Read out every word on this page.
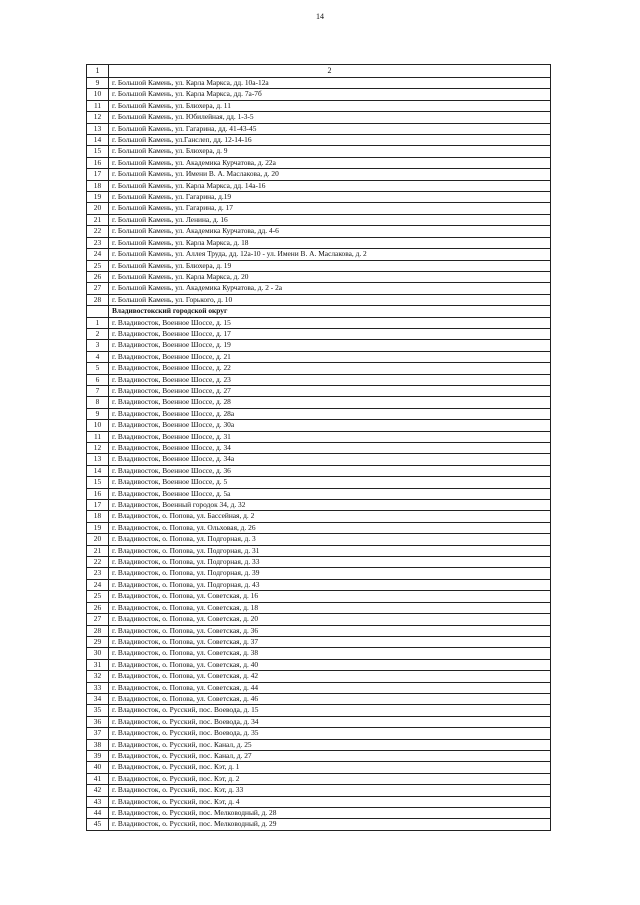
14
1	2
9	г. Большой Камень, ул. Карла Маркса, дд. 10а-12а
10	г. Большой Камень, ул. Карла Маркса, дд. 7а-7б
11	г. Большой Камень, ул. Блюхера, д. 11
12	г. Большой Камень, ул. Юбилейная, дд. 1-3-5
13	г. Большой Камень, ул. Гагарина, дд. 41-43-45
14	г. Большой Камень, ул.Ганслеп, дд. 12-14-16
15	г. Большой Камень, ул. Блюхера, д. 9
16	г. Большой Камень, ул. Академика Курчатова, д. 22а
17	г. Большой Камень, ул. Имени В. А. Маслакова, д. 20
18	г. Большой Камень, ул. Карла Маркса, дд. 14а-16
19	г. Большой Камень, ул. Гагарина, д.19
20	г. Большой Камень, ул. Гагарина, д. 17
21	г. Большой Камень, ул. Ленина, д. 16
22	г. Большой Камень, ул. Академика Курчатова, дд. 4-6
23	г. Большой Камень, ул. Карла Маркса, д. 18
24	г. Большой Камень, ул. Аллея Труда, дд. 12а-10 - ул. Имени В. А. Маслакова, д. 2
25	г. Большой Камень, ул. Блюхера, д. 19
26	г. Большой Камень, ул. Карла Маркса, д. 20
27	г. Большой Камень, ул. Академика Курчатова, д. 2 - 2а
28	г. Большой Камень, ул. Горького, д. 10
	Владивостокский городской округ
1	г. Владивосток, Военное Шоссе, д. 15
2	г. Владивосток, Военное Шоссе, д. 17
3	г. Владивосток, Военное Шоссе, д. 19
4	г. Владивосток, Военное Шоссе, д. 21
5	г. Владивосток, Военное Шоссе, д. 22
6	г. Владивосток, Военное Шоссе, д. 23
7	г. Владивосток, Военное Шоссе, д. 27
8	г. Владивосток, Военное Шоссе, д. 28
9	г. Владивосток, Военное Шоссе, д. 28а
10	г. Владивосток, Военное Шоссе, д. 30а
11	г. Владивосток, Военное Шоссе, д. 31
12	г. Владивосток, Военное Шоссе, д. 34
13	г. Владивосток, Военное Шоссе, д. 34а
14	г. Владивосток, Военное Шоссе, д. 36
15	г. Владивосток, Военное Шоссе, д. 5
16	г. Владивосток, Военное Шоссе, д. 5а
17	г. Владивосток, Военный городок 34, д. 32
18	г. Владивосток, о. Попова, ул. Бассейная, д. 2
19	г. Владивосток, о. Попова, ул. Ольховая, д. 26
20	г. Владивосток, о. Попова, ул. Подгорная, д. 3
21	г. Владивосток, о. Попова, ул. Подгорная, д. 31
22	г. Владивосток, о. Попова, ул. Подгорная, д. 33
23	г. Владивосток, о. Попова, ул. Подгорная, д. 39
24	г. Владивосток, о. Попова, ул. Подгорная, д. 43
25	г. Владивосток, о. Попова, ул. Советская, д. 16
26	г. Владивосток, о. Попова, ул. Советская, д. 18
27	г. Владивосток, о. Попова, ул. Советская, д. 20
28	г. Владивосток, о. Попова, ул. Советская, д. 36
29	г. Владивосток, о. Попова, ул. Советская, д. 37
30	г. Владивосток, о. Попова, ул. Советская, д. 38
31	г. Владивосток, о. Попова, ул. Советская, д. 40
32	г. Владивосток, о. Попова, ул. Советская, д. 42
33	г. Владивосток, о. Попова, ул. Советская, д. 44
34	г. Владивосток, о. Попова, ул. Советская, д. 46
35	г. Владивосток, о. Русский, пос. Воевода, д. 15
36	г. Владивосток, о. Русский, пос. Воевода, д. 34
37	г. Владивосток, о. Русский, пос. Воевода, д. 35
38	г. Владивосток, о. Русский, пос. Канал, д. 25
39	г. Владивосток, о. Русский, пос. Канал, д. 27
40	г. Владивосток, о. Русский, пос. Кэт, д. 1
41	г. Владивосток, о. Русский, пос. Кэт, д. 2
42	г. Владивосток, о. Русский, пос. Кэт, д. 33
43	г. Владивосток, о. Русский, пос. Кэт, д. 4
44	г. Владивосток, о. Русский, пос. Мелководный, д. 28
45	г. Владивосток, о. Русский, пос. Мелководный, д. 29
